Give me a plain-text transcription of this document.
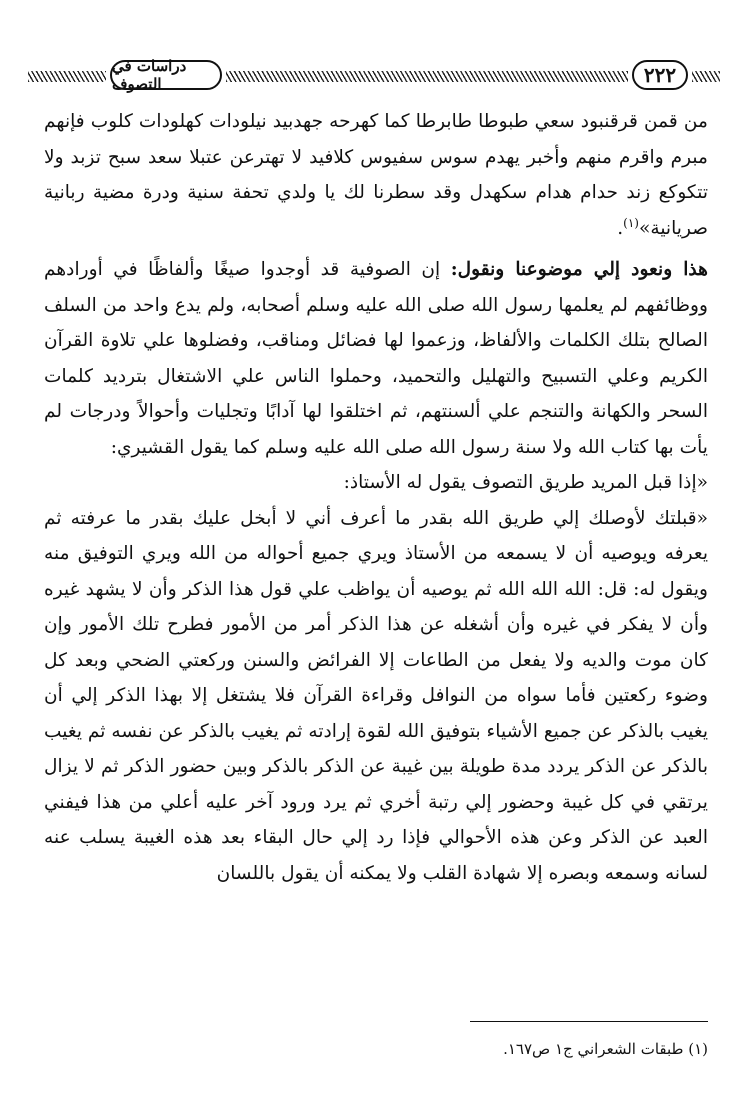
دراسات في التصوف	٢٢٢

من قمن قرقنبود سعي طبوطا طابرطا كما كهرحه جهدبيد نيلودات كهلودات كلوب فإنهم مبرم واقرم منهم وأخبر يهدم سوس سفيوس كلافيد لا تهترعن عتبلا سعد سبح تزبد ولا تتكوكع زند حدام هدام سكهدل وقد سطرنا لك يا ولدي تحفة سنية ودرة مضية ربانية صريانية»$^{(١)}$.

هذا ونعود إلي موضوعنا ونقول: إن الصوفية قد أوجدوا صيغًا وألفاظًا في أورادهم ووظائفهم لم يعلمها رسول الله صلى الله عليه وسلم أصحابه، ولم يدع واحد من السلف الصالح بتلك الكلمات والألفاظ، وزعموا لها فضائل ومناقب، وفضلوها علي تلاوة القرآن الكريم وعلي التسبيح والتهليل والتحميد، وحملوا الناس علي الاشتغال بترديد كلمات السحر والكهانة والتنجم علي ألسنتهم، ثم اختلقوا لها آدابًا وتجليات وأحوالاً ودرجات لم يأت بها كتاب الله ولا سنة رسول الله صلى الله عليه وسلم كما يقول القشيري:

«إذا قبل المريد طريق التصوف يقول له الأستاذ:

«قبلتك لأوصلك إلي طريق الله بقدر ما أعرف أني لا أبخل عليك بقدر ما عرفته ثم يعرفه ويوصيه أن لا يسمعه من الأستاذ ويري جميع أحواله من الله ويري التوفيق منه ويقول له: قل: الله الله الله ثم يوصيه أن يواظب علي قول هذا الذكر وأن لا يشهد غيره وأن لا يفكر في غيره وأن أشغله عن هذا الذكر أمر من الأمور فطرح تلك الأمور وإن كان موت والديه ولا يفعل من الطاعات إلا الفرائض والسنن وركعتي الضحي وبعد كل وضوء ركعتين فأما سواه من النوافل وقراءة القرآن فلا يشتغل إلا بهذا الذكر إلي أن يغيب بالذكر عن جميع الأشياء بتوفيق الله لقوة إرادته ثم يغيب بالذكر عن نفسه ثم يغيب بالذكر عن الذكر يردد مدة طويلة بين غيبة عن الذكر بالذكر وبين حضور الذكر ثم لا يزال يرتقي في كل غيبة وحضور إلي رتبة أخري ثم يرد ورود آخر عليه أعلي من هذا فيفني العبد عن الذكر وعن هذه الأحوالي فإذا رد إلي حال البقاء بعد هذه الغيبة يسلب عنه لسانه وسمعه وبصره إلا شهادة القلب ولا يمكنه أن يقول باللسان

(١) طبقات الشعراني ج١ ص١٦٧.
